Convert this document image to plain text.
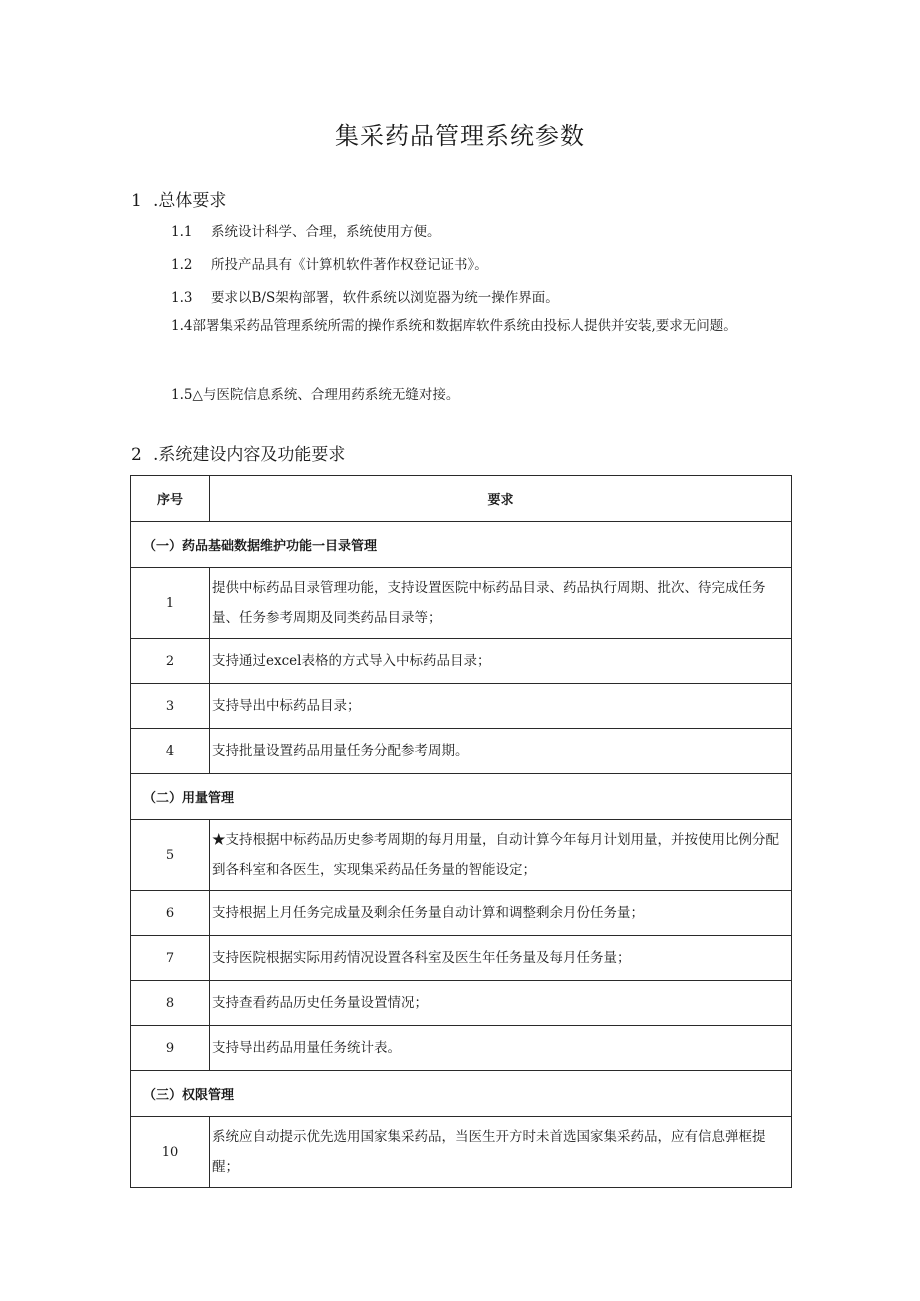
集采药品管理系统参数
1 .总体要求
1.1 系统设计科学、合理，系统使用方便。
1.2 所投产品具有《计算机软件著作权登记证书》。
1.3 要求以B/S架构部署，软件系统以浏览器为统一操作界面。
1.4部署集采药品管理系统所需的操作系统和数据库软件系统由投标人提供并安装,要求无问题。
1.5△与医院信息系统、合理用药系统无缝对接。
2 .系统建设内容及功能要求
序号	要求
（一）药品基础数据维护功能一目录管理	
1	提供中标药品目录管理功能，支持设置医院中标药品目录、药品执行周期、批次、待完成任务量、任务参考周期及同类药品目录等；
2	支持通过excel表格的方式导入中标药品目录；
3	支持导出中标药品目录；
4	支持批量设置药品用量任务分配参考周期。
（二）用量管理	
5	★支持根据中标药品历史参考周期的每月用量，自动计算今年每月计划用量，并按使用比例分配到各科室和各医生，实现集采药品任务量的智能设定；
6	支持根据上月任务完成量及剩余任务量自动计算和调整剩余月份任务量；
7	支持医院根据实际用药情况设置各科室及医生年任务量及每月任务量；
8	支持查看药品历史任务量设置情况；
9	支持导出药品用量任务统计表。
（三）权限管理	
10	系统应自动提示优先选用国家集采药品，当医生开方时未首选国家集采药品，应有信息弹框提醒；
